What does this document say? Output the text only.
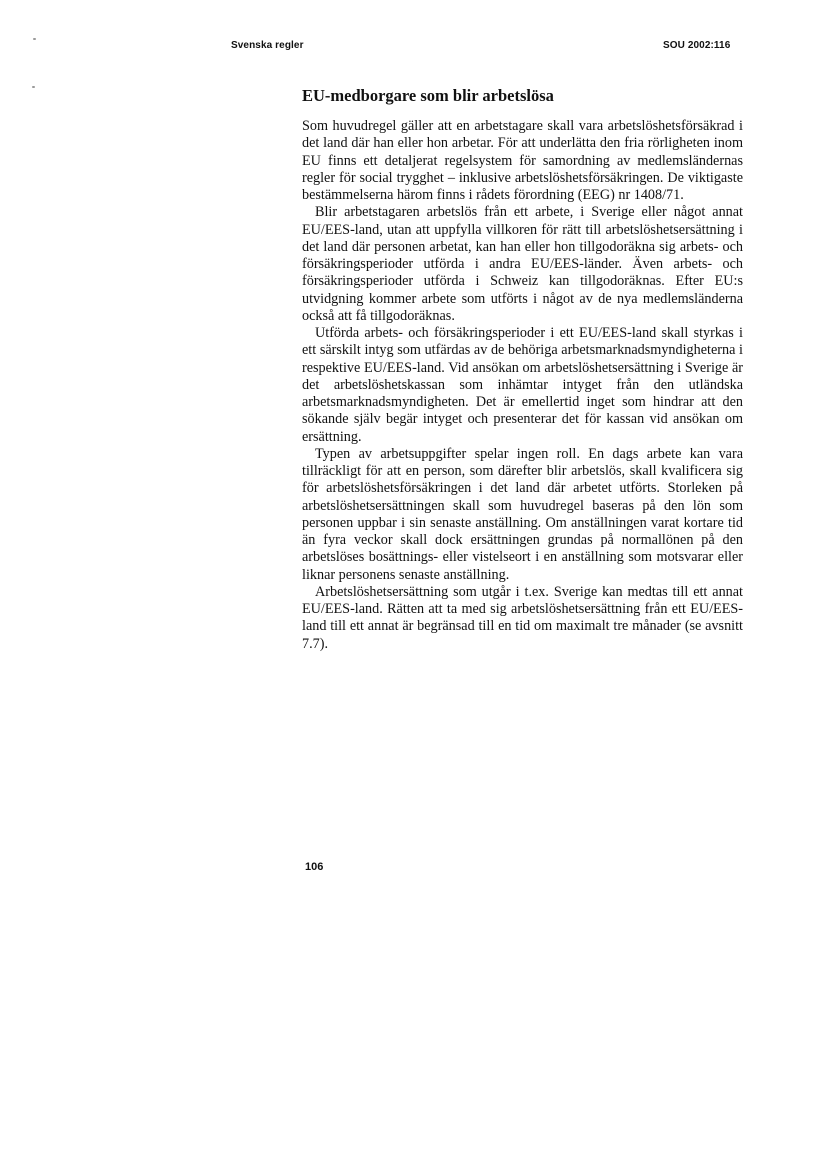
Svenska regler	SOU 2002:116
EU-medborgare som blir arbetslösa

Som huvudregel gäller att en arbetstagare skall vara arbetslöshetsförsäkrad i det land där han eller hon arbetar. För att underlätta den fria rörligheten inom EU finns ett detaljerat regelsystem för samordning av medlemsländernas regler för social trygghet – inklusive arbetslöshetsförsäkringen. De viktigaste bestämmelserna härom finns i rådets förordning (EEG) nr 1408/71.

Blir arbetstagaren arbetslös från ett arbete, i Sverige eller något annat EU/EES-land, utan att uppfylla villkoren för rätt till arbetslöshetsersättning i det land där personen arbetat, kan han eller hon tillgodoräkna sig arbets- och försäkringsperioder utförda i andra EU/EES-länder. Även arbets- och försäkringsperioder utförda i Schweiz kan tillgodoräknas. Efter EU:s utvidgning kommer arbete som utförts i något av de nya medlemsländerna också att få tillgodoräknas.

Utförda arbets- och försäkringsperioder i ett EU/EES-land skall styrkas i ett särskilt intyg som utfärdas av de behöriga arbetsmarknadsmyndigheterna i respektive EU/EES-land. Vid ansökan om arbetslöshetsersättning i Sverige är det arbetslöshetskassan som inhämtar intyget från den utländska arbetsmarknadsmyndigheten. Det är emellertid inget som hindrar att den sökande själv begär intyget och presenterar det för kassan vid ansökan om ersättning.

Typen av arbetsuppgifter spelar ingen roll. En dags arbete kan vara tillräckligt för att en person, som därefter blir arbetslös, skall kvalificera sig för arbetslöshetsförsäkringen i det land där arbetet utförts. Storleken på arbetslöshetsersättningen skall som huvudregel baseras på den lön som personen uppbar i sin senaste anställning. Om anställningen varat kortare tid än fyra veckor skall dock ersättningen grundas på normallönen på den arbetslöses bosättnings- eller vistelseort i en anställning som motsvarar eller liknar personens senaste anställning.

Arbetslöshetsersättning som utgår i t.ex. Sverige kan medtas till ett annat EU/EES-land. Rätten att ta med sig arbetslöshetsersättning från ett EU/EES-land till ett annat är begränsad till en tid om maximalt tre månader (se avsnitt 7.7).

106
